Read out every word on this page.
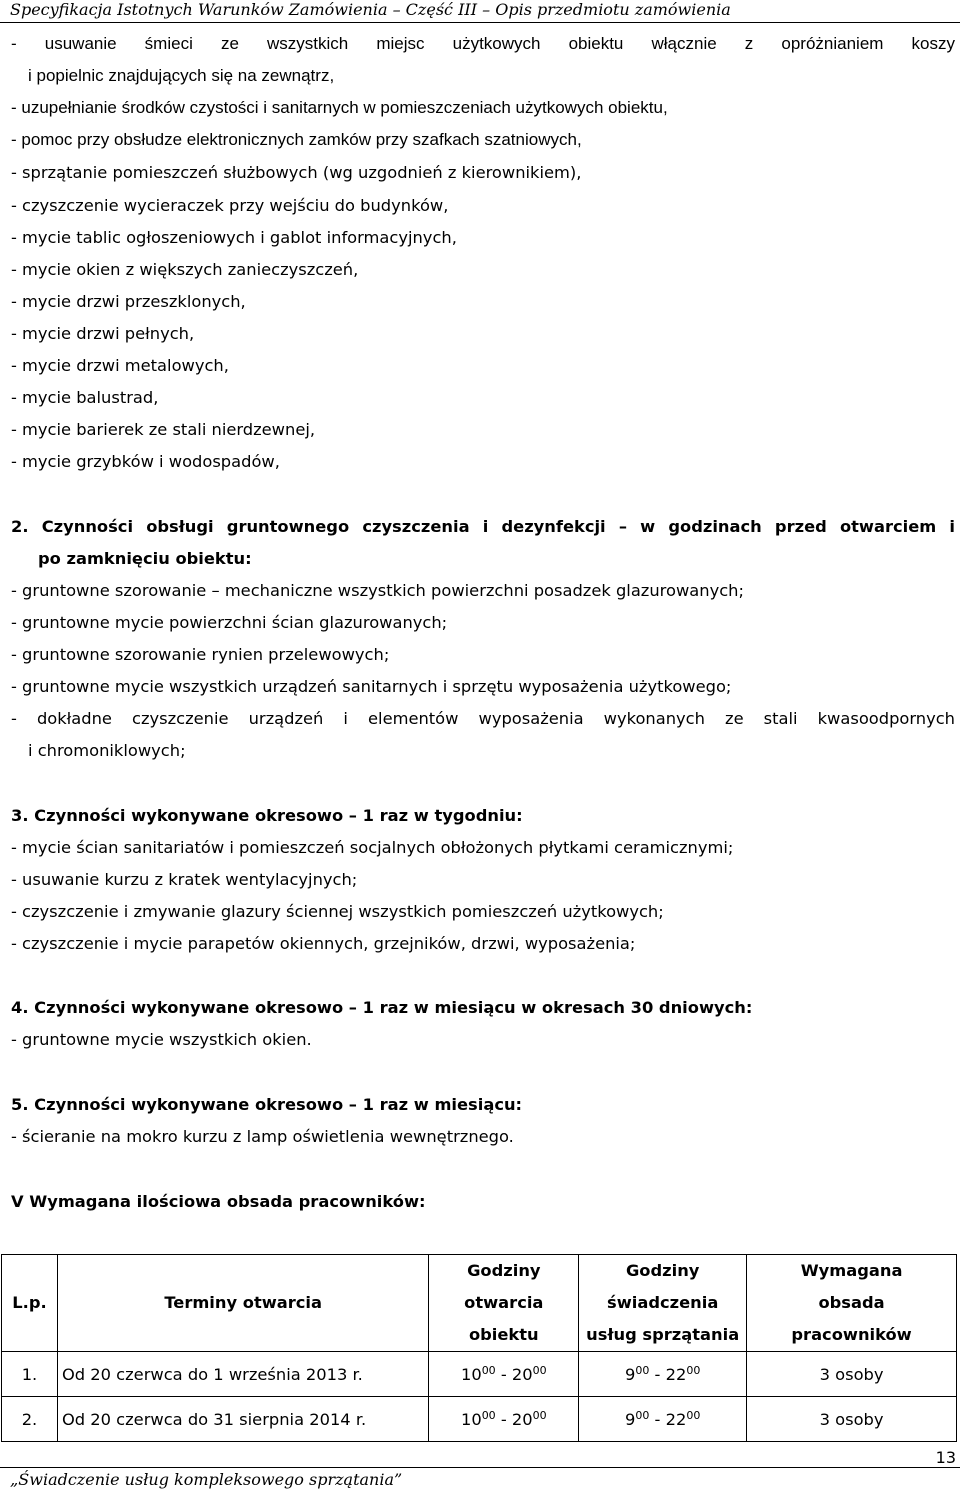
Specyfikacja Istotnych Warunków Zamówienia – Część III – Opis przedmiotu zamówienia
- usuwanie śmieci ze wszystkich miejsc użytkowych obiektu włącznie z opróżnianiem koszy
i popielnic znajdujących się na zewnątrz,
- uzupełnianie środków czystości i sanitarnych w pomieszczeniach użytkowych obiektu,
- pomoc przy obsłudze elektronicznych zamków przy szafkach szatniowych,
- sprzątanie pomieszczeń służbowych (wg uzgodnień z kierownikiem),
- czyszczenie wycieraczek przy wejściu do budynków,
- mycie tablic ogłoszeniowych i gablot informacyjnych,
- mycie okien z większych zanieczyszczeń,
- mycie drzwi przeszklonych,
- mycie drzwi pełnych,
- mycie drzwi metalowych,
- mycie balustrad,
- mycie barierek ze stali nierdzewnej,
- mycie grzybków i wodospadów,
2. Czynności obsługi gruntownego czyszczenia i dezynfekcji – w godzinach przed otwarciem i
po zamknięciu obiektu:
- gruntowne szorowanie – mechaniczne wszystkich powierzchni posadzek glazurowanych;
- gruntowne mycie powierzchni ścian glazurowanych;
- gruntowne szorowanie rynien przelewowych;
- gruntowne mycie wszystkich urządzeń sanitarnych i sprzętu wyposażenia użytkowego;
- dokładne czyszczenie urządzeń i elementów wyposażenia wykonanych ze stali kwasoodpornych
i chromoniklowych;
3. Czynności wykonywane okresowo – 1 raz w tygodniu:
- mycie ścian sanitariatów i pomieszczeń socjalnych obłożonych płytkami ceramicznymi;
- usuwanie kurzu z kratek wentylacyjnych;
- czyszczenie i zmywanie glazury ściennej wszystkich pomieszczeń użytkowych;
- czyszczenie i mycie parapetów okiennych, grzejników, drzwi, wyposażenia;
4. Czynności wykonywane okresowo – 1 raz w miesiącu w okresach 30 dniowych:
- gruntowne mycie wszystkich okien.
5. Czynności wykonywane okresowo – 1 raz w miesiącu:
- ścieranie na mokro kurzu z lamp oświetlenia wewnętrznego.
V Wymagana ilościowa obsada pracowników:
L.p.	Terminy otwarcia	Godziny
otwarcia
obiektu	Godziny
świadczenia
usług sprzątania	Wymagana
obsada
pracowników
1.	Od 20 czerwca do 1 września 2013 r.	$10^{00} - 20^{00}$	$9^{00} - 22^{00}$	3 osoby
2.	Od 20 czerwca do 31 sierpnia 2014 r.	$10^{00} - 20^{00}$	$9^{00} - 22^{00}$	3 osoby
13
„Świadczenie usług kompleksowego sprzątania”
